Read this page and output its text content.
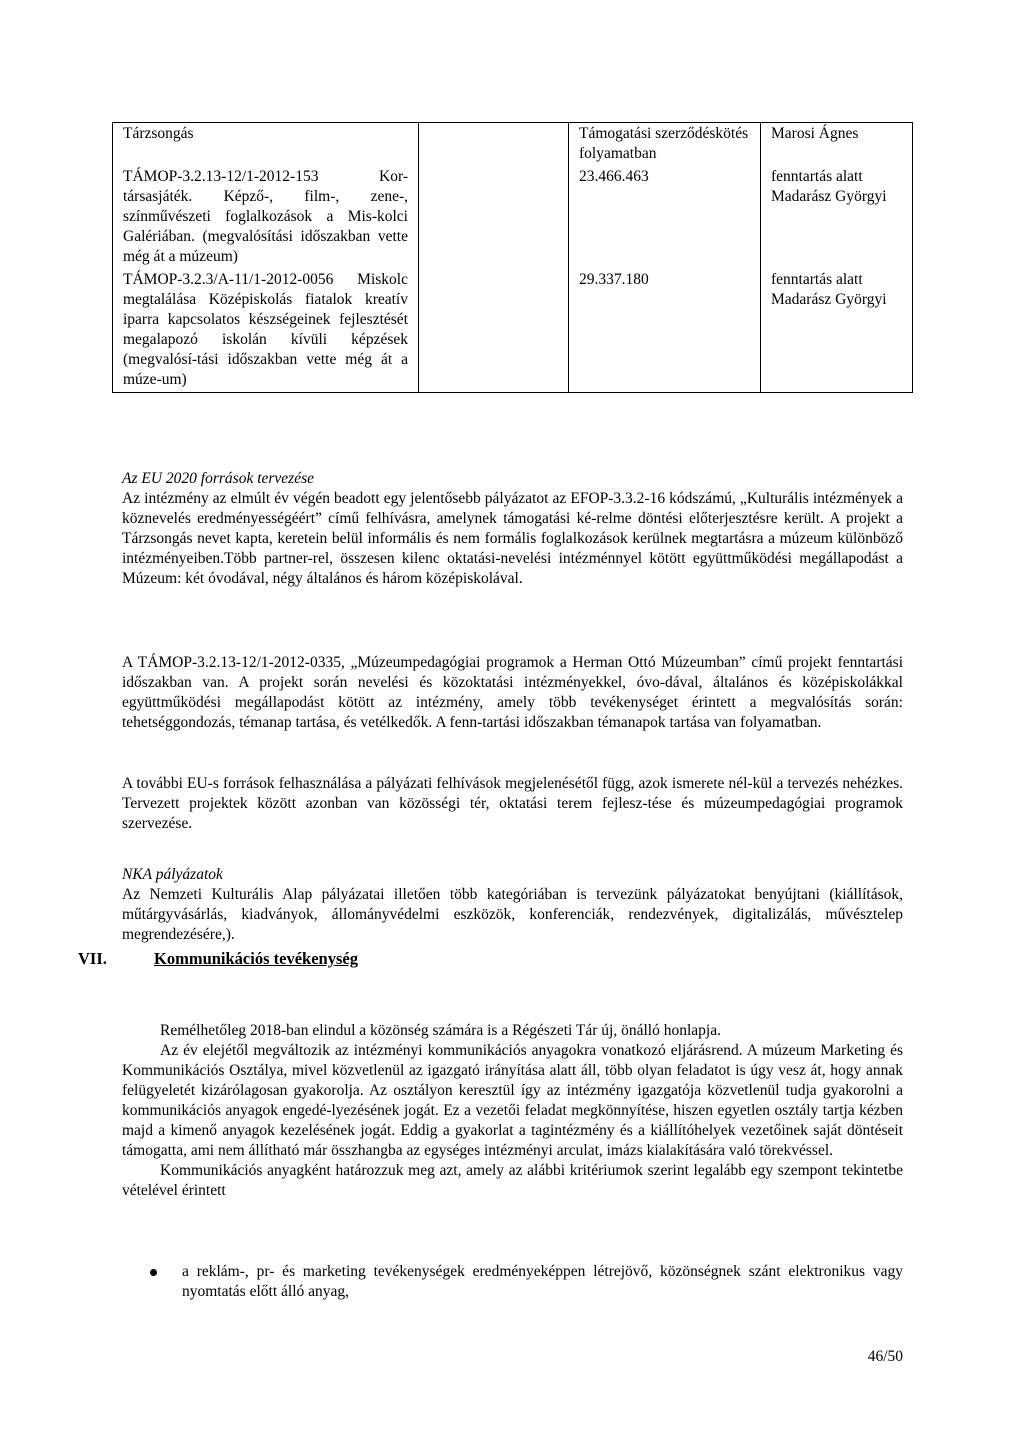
Tárzsongás		Támogatási szerződéskötés folyamatban	Marosi Ágnes
TÁMOP-3.2.13-12/1-2012-153 Kor-társasjáték. Képző-, film-, zene-, színművészeti foglalkozások a Mis-kolci Galériában. (megvalósítási időszakban vette még át a múzeum)		23.466.463	fenntartás alatt Madarász Györgyi
TÁMOP-3.2.3/A-11/1-2012-0056 Miskolc megtalálása Középiskolás fiatalok kreatív iparra kapcsolatos készségeinek fejlesztését megalapozó iskolán kívüli képzések (megvalósí-tási időszakban vette még át a múze-um)		29.337.180	fenntartás alatt Madarász Györgyi

Az EU 2020 források tervezése

Az intézmény az elmúlt év végén beadott egy jelentősebb pályázatot az EFOP-3.3.2-16 kódszámú, „Kulturális intézmények a köznevelés eredményességéért” című felhívásra, amelynek támogatási ké-relme döntési előterjesztésre került. A projekt a Tárzsongás nevet kapta, keretein belül informális és nem formális foglalkozások kerülnek megtartásra a múzeum különböző intézményeiben.Több partner-rel, összesen kilenc oktatási-nevelési intézménnyel kötött együttműködési megállapodást a Múzeum: két óvodával, négy általános és három középiskolával.

A TÁMOP-3.2.13-12/1-2012-0335, „Múzeumpedagógiai programok a Herman Ottó Múzeumban” című projekt fenntartási időszakban van. A projekt során nevelési és közoktatási intézményekkel, óvo-dával, általános és középiskolákkal együttműködési megállapodást kötött az intézmény, amely több tevékenységet érintett a megvalósítás során: tehetséggondozás, témanap tartása, és vetélkedők. A fenn-tartási időszakban témanapok tartása van folyamatban.

A további EU-s források felhasználása a pályázati felhívások megjelenésétől függ, azok ismerete nél-kül a tervezés nehézkes. Tervezett projektek között azonban van közösségi tér, oktatási terem fejlesz-tése és múzeumpedagógiai programok szervezése.

NKA pályázatok

Az Nemzeti Kulturális Alap pályázatai illetően több kategóriában is tervezünk pályázatokat benyújtani (kiállítások, műtárgyvásárlás, kiadványok, állományvédelmi eszközök, konferenciák, rendezvények, digitalizálás, művésztelep megrendezésére,).

VII.	Kommunikációs tevékenység

Remélhetőleg 2018-ban elindul a közönség számára is a Régészeti Tár új, önálló honlapja.

Az év elejétől megváltozik az intézményi kommunikációs anyagokra vonatkozó eljárásrend. A múzeum Marketing és Kommunikációs Osztálya, mivel közvetlenül az igazgató irányítása alatt áll, több olyan feladatot is úgy vesz át, hogy annak felügyeletét kizárólagosan gyakorolja. Az osztályon keresztül így az intézmény igazgatója közvetlenül tudja gyakorolni a kommunikációs anyagok engedé-lyezésének jogát. Ez a vezetői feladat megkönnyítése, hiszen egyetlen osztály tartja kézben majd a kimenő anyagok kezelésének jogát. Eddig a gyakorlat a tagintézmény és a kiállítóhelyek vezetőinek saját döntéseit támogatta, ami nem állítható már összhangba az egységes intézményi arculat, imázs kialakítására való törekvéssel.

Kommunikációs anyagként határozzuk meg azt, amely az alábbi kritériumok szerint legalább egy szempont tekintetbe vételével érintett

a reklám-, pr- és marketing tevékenységek eredményeképpen létrejövő, közönségnek szánt elektronikus vagy nyomtatás előtt álló anyag,
46/50
